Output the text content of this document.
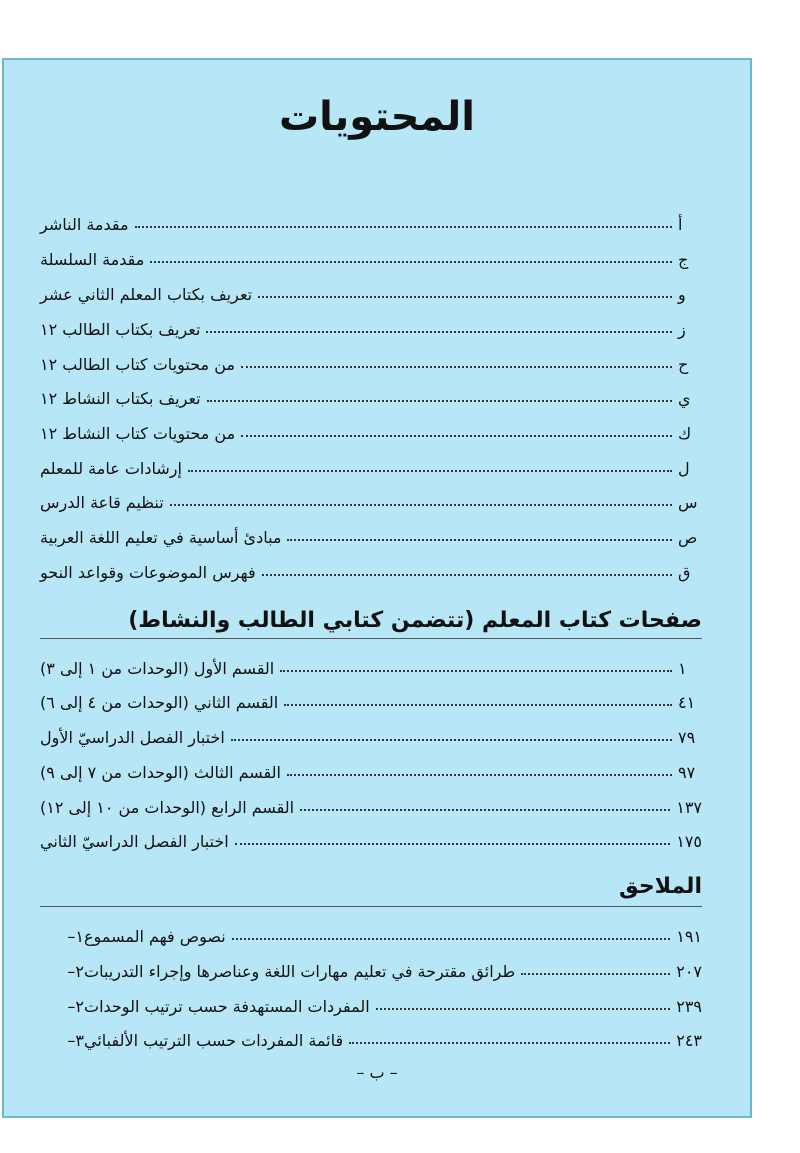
المحتويات
مقدمة الناشر	أ
مقدمة السلسلة	ج
تعريف بكتاب المعلم الثاني عشر	و
تعريف بكتاب الطالب ١٢	ز
من محتويات كتاب الطالب ١٢	ح
تعريف بكتاب النشاط ١٢	ي
من محتويات كتاب النشاط ١٢	ك
إرشادات عامة للمعلم	ل
تنظيم قاعة الدرس	س
مبادئ أساسية في تعليم اللغة العربية	ص
فهرس الموضوعات وقواعد النحو	ق
صفحات كتاب المعلم (تتضمن كتابي الطالب والنشاط)
القسم الأول (الوحدات من ١ إلى ٣)	١
القسم الثاني (الوحدات من ٤ إلى ٦)	٤١
اختبار الفصل الدراسيّ الأول	٧٩
القسم الثالث (الوحدات من ٧ إلى ٩)	٩٧
القسم الرابع (الوحدات من ١٠ إلى ١٢)	١٣٧
اختبار الفصل الدراسيّ الثاني	١٧٥
الملاحق
١– نصوص فهم المسموع	١٩١
٢– طرائق مقترحة في تعليم مهارات اللغة وعناصرها وإجراء التدريبات	٢٠٧
٢– المفردات المستهدفة حسب ترتيب الوحدات	٢٣٩
٣– قائمة المفردات حسب الترتيب الألفبائي	٢٤٣
– ب –
